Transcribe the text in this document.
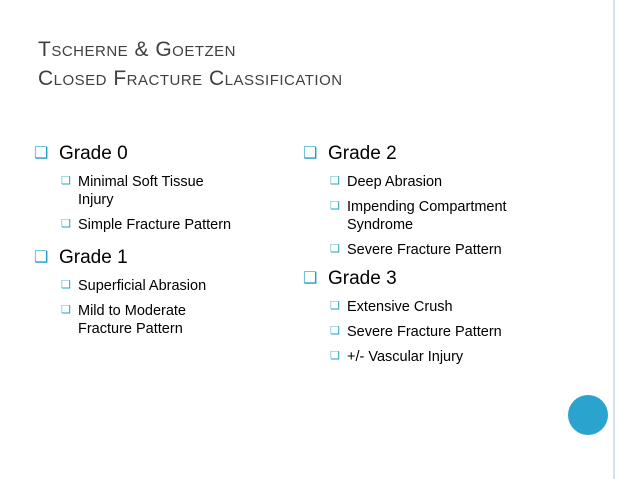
Tscherne & Goetzen
Closed Fracture Classification
❑ Grade 0
❑ Minimal Soft Tissue Injury
❑ Simple Fracture Pattern
❑ Grade 1
❑ Superficial Abrasion
❑ Mild to Moderate Fracture Pattern
❑ Grade 2
❑ Deep Abrasion
❑ Impending Compartment Syndrome
❑ Severe Fracture Pattern
❑ Grade 3
❑ Extensive Crush
❑ Severe Fracture Pattern
❑ +/- Vascular Injury
